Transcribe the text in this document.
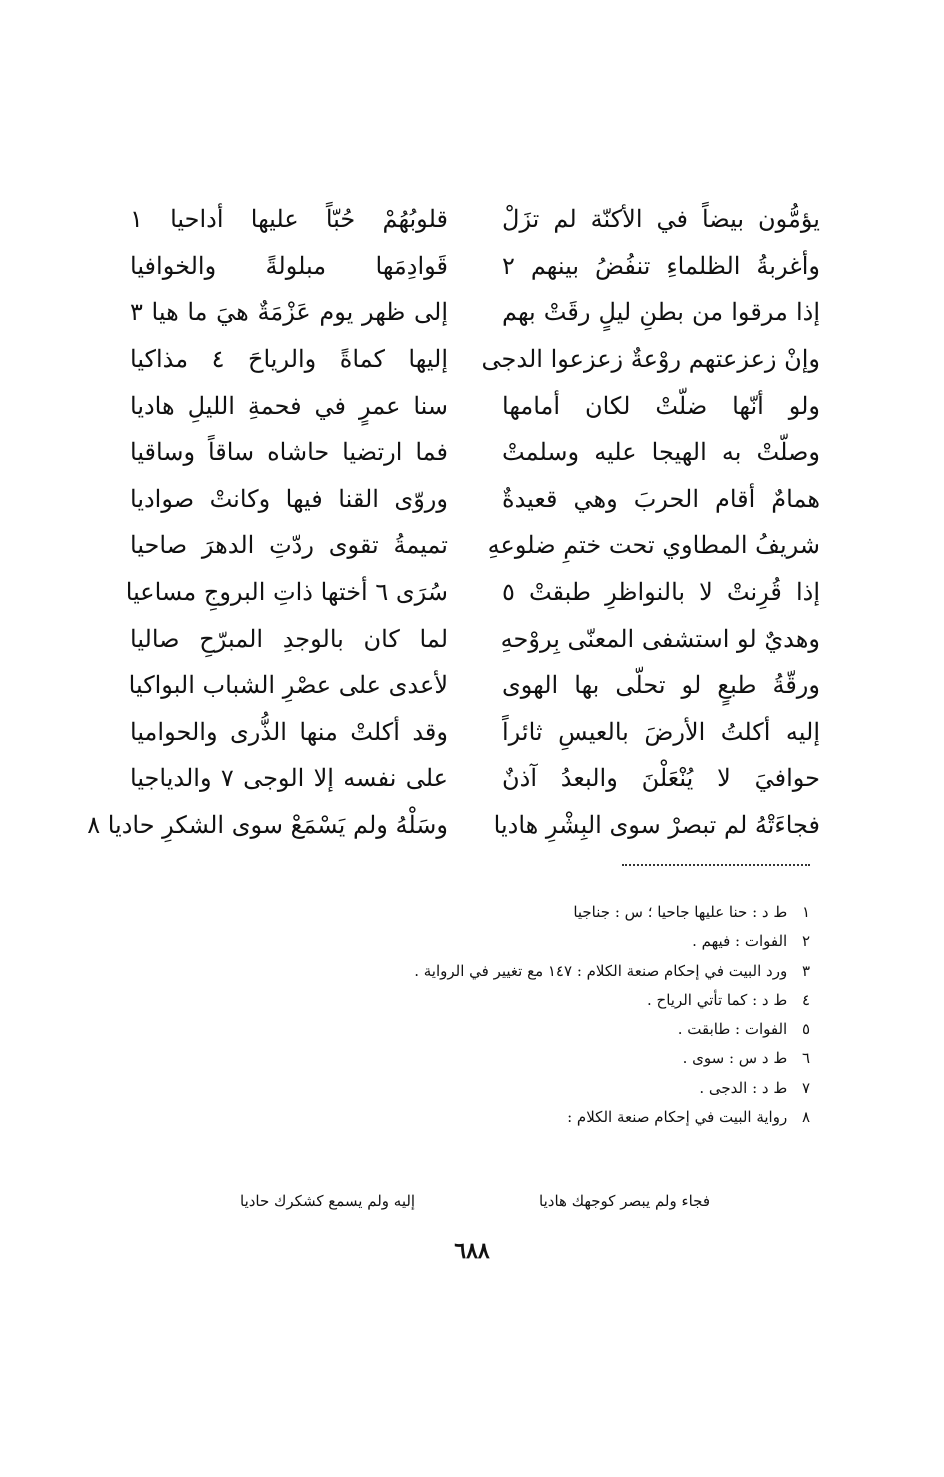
يؤمُّون بيضاً في الأكنّة لم تزَلْ
قلوبُهُمْ حُبّاً عليها أداحيا ١
وأغربةُ الظلماءِ تنفُضُ بينهم ٢
قَوادِمَها مبلولةً والخوافيا
إذا مرقوا من بطنِ ليلٍ رقَتْ بهم
إلى ظهر يوم عَزْمَةٌ هيَ ما هيا ٣
وإنْ زعزعتهم روْعةٌ زعزعوا الدجى
إليها كماةً والرياحَ ٤ مذاكيا
ولو أنّها ضلّتْ لكان أمامها
سنا عمرٍ في فحمةِ الليلِ هاديا
وصلّتْ به الهيجا عليه وسلمتْ
فما ارتضيا حاشاه ساقاً وساقيا
همامٌ أقام الحربَ وهي قعيدةٌ
وروّى القنا فيها وكانتْ صواديا
شريفُ المطاوي تحت ختمِ ضلوعهِ
تميمةُ تقوى ردّتِ الدهرَ صاحيا
إذا قُرِنتْ لا بالنواظرِ طبقتْ ٥
سُرَى ٦ أختها ذاتِ البروجِ مساعيا
وهديٌ لو استشفى المعنّى بِروْحهِ
لما كان بالوجدِ المبرّحِ صاليا
ورقّةُ طبعٍ لو تحلّى بها الهوى
لأعدى على عصْرِ الشباب البواكيا
إليه أكلتُ الأرضَ بالعيسِ ثائراً
وقد أكلتْ منها الذُّرى والحواميا
حوافيَ لا يُنْعَلْنَ والبعدُ آذنٌ
على نفسه إلا الوجى ٧ والدياجيا
فجاءَتْهُ لم تبصرْ سوى البِشْرِ هاديا
وسَلْهُ ولم يَسْمَعْ سوى الشكرِ حاديا ٨
١ ط د : حنا عليها جاحيا ؛ س : جناجيا
٢ الفوات : فيهم .
٣ ورد البيت في إحكام صنعة الكلام : ١٤٧ مع تغيير في الرواية .
٤ ط د : كما تأتي الرياح .
٥ الفوات : طابقت .
٦ ط د س : سوى .
٧ ط د : الدجى .
٨ رواية البيت في إحكام صنعة الكلام :
فجاء ولم يبصر كوجهك هاديا
إليه ولم يسمع كشكرك حاديا
٦٨٨
